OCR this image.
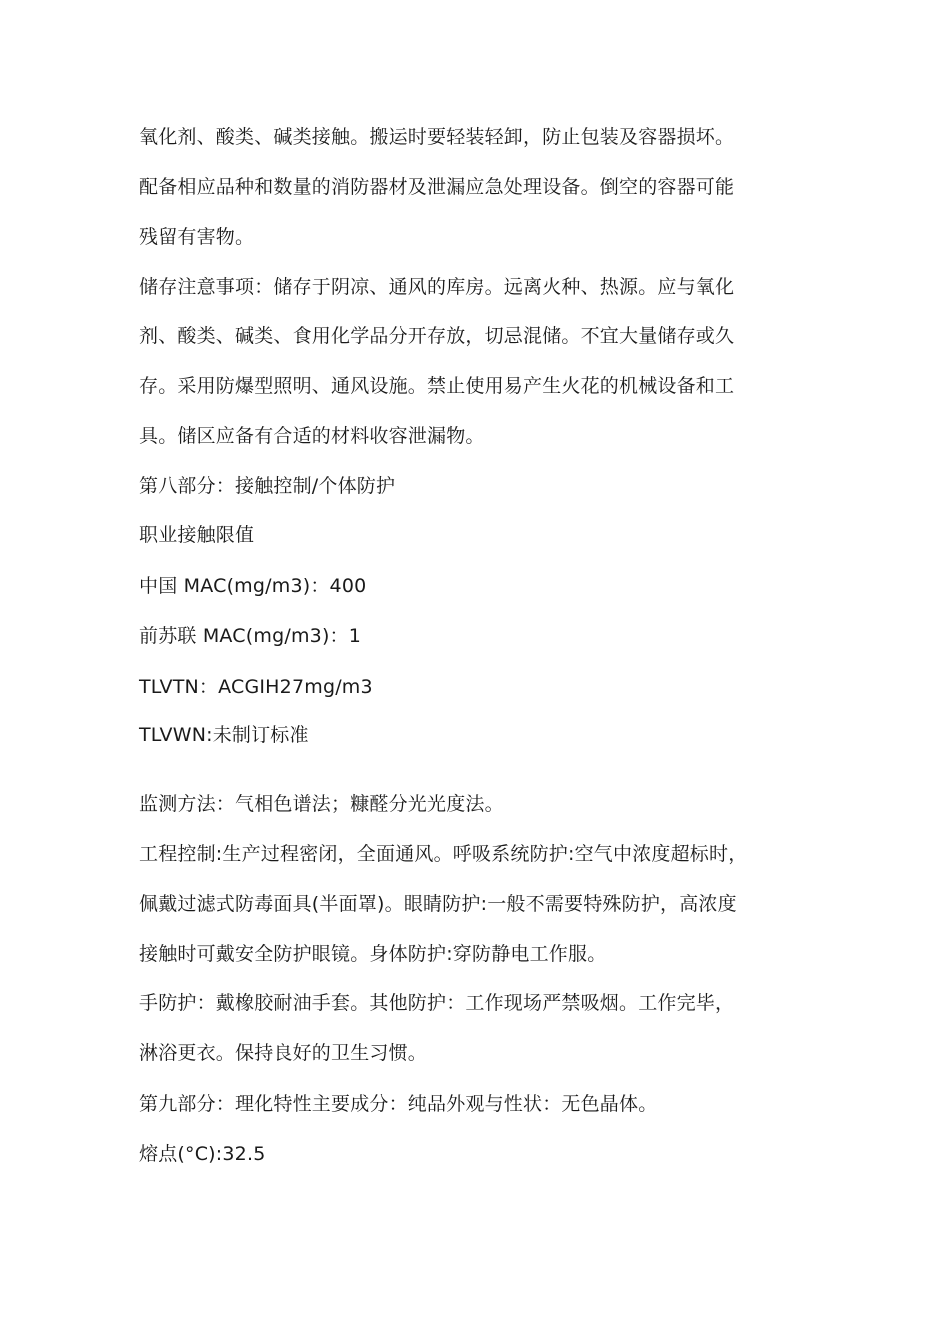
氧化剂、酸类、碱类接触。搬运时要轻装轻卸，防止包装及容器损坏。
配备相应品种和数量的消防器材及泄漏应急处理设备。倒空的容器可能
残留有害物。
储存注意事项：储存于阴凉、通风的库房。远离火种、热源。应与氧化
剂、酸类、碱类、食用化学品分开存放，切忌混储。不宜大量储存或久
存。采用防爆型照明、通风设施。禁止使用易产生火花的机械设备和工
具。储区应备有合适的材料收容泄漏物。
第八部分：接触控制/个体防护
职业接触限值
中国 MAC(mg/m3)：400
前苏联 MAC(mg/m3)：1
TLVTN：ACGIH27mg/m3
TLVWN:未制订标准
监测方法：气相色谱法；糠醛分光光度法。
工程控制:生产过程密闭，全面通风。呼吸系统防护:空气中浓度超标时，
佩戴过滤式防毒面具(半面罩)。眼睛防护:一般不需要特殊防护，高浓度
接触时可戴安全防护眼镜。身体防护:穿防静电工作服。
手防护：戴橡胶耐油手套。其他防护：工作现场严禁吸烟。工作完毕，
淋浴更衣。保持良好的卫生习惯。
第九部分：理化特性主要成分：纯品外观与性状：无色晶体。
熔点(°C):32.5
